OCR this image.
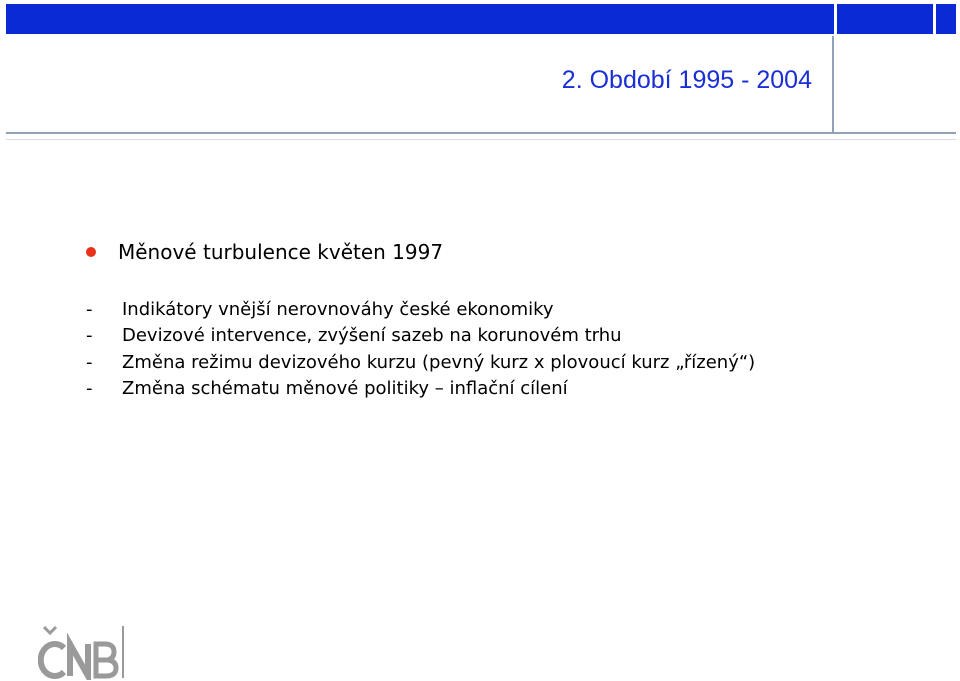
2. Období 1995 - 2004
Měnové turbulence květen 1997
- Indikátory vnější nerovnováhy české ekonomiky
- Devizové intervence, zvýšení sazeb na korunovém trhu
- Změna režimu devizového kurzu (pevný kurz x plovoucí kurz „řízený“)
- Změna schématu měnové politiky – inflační cílení
